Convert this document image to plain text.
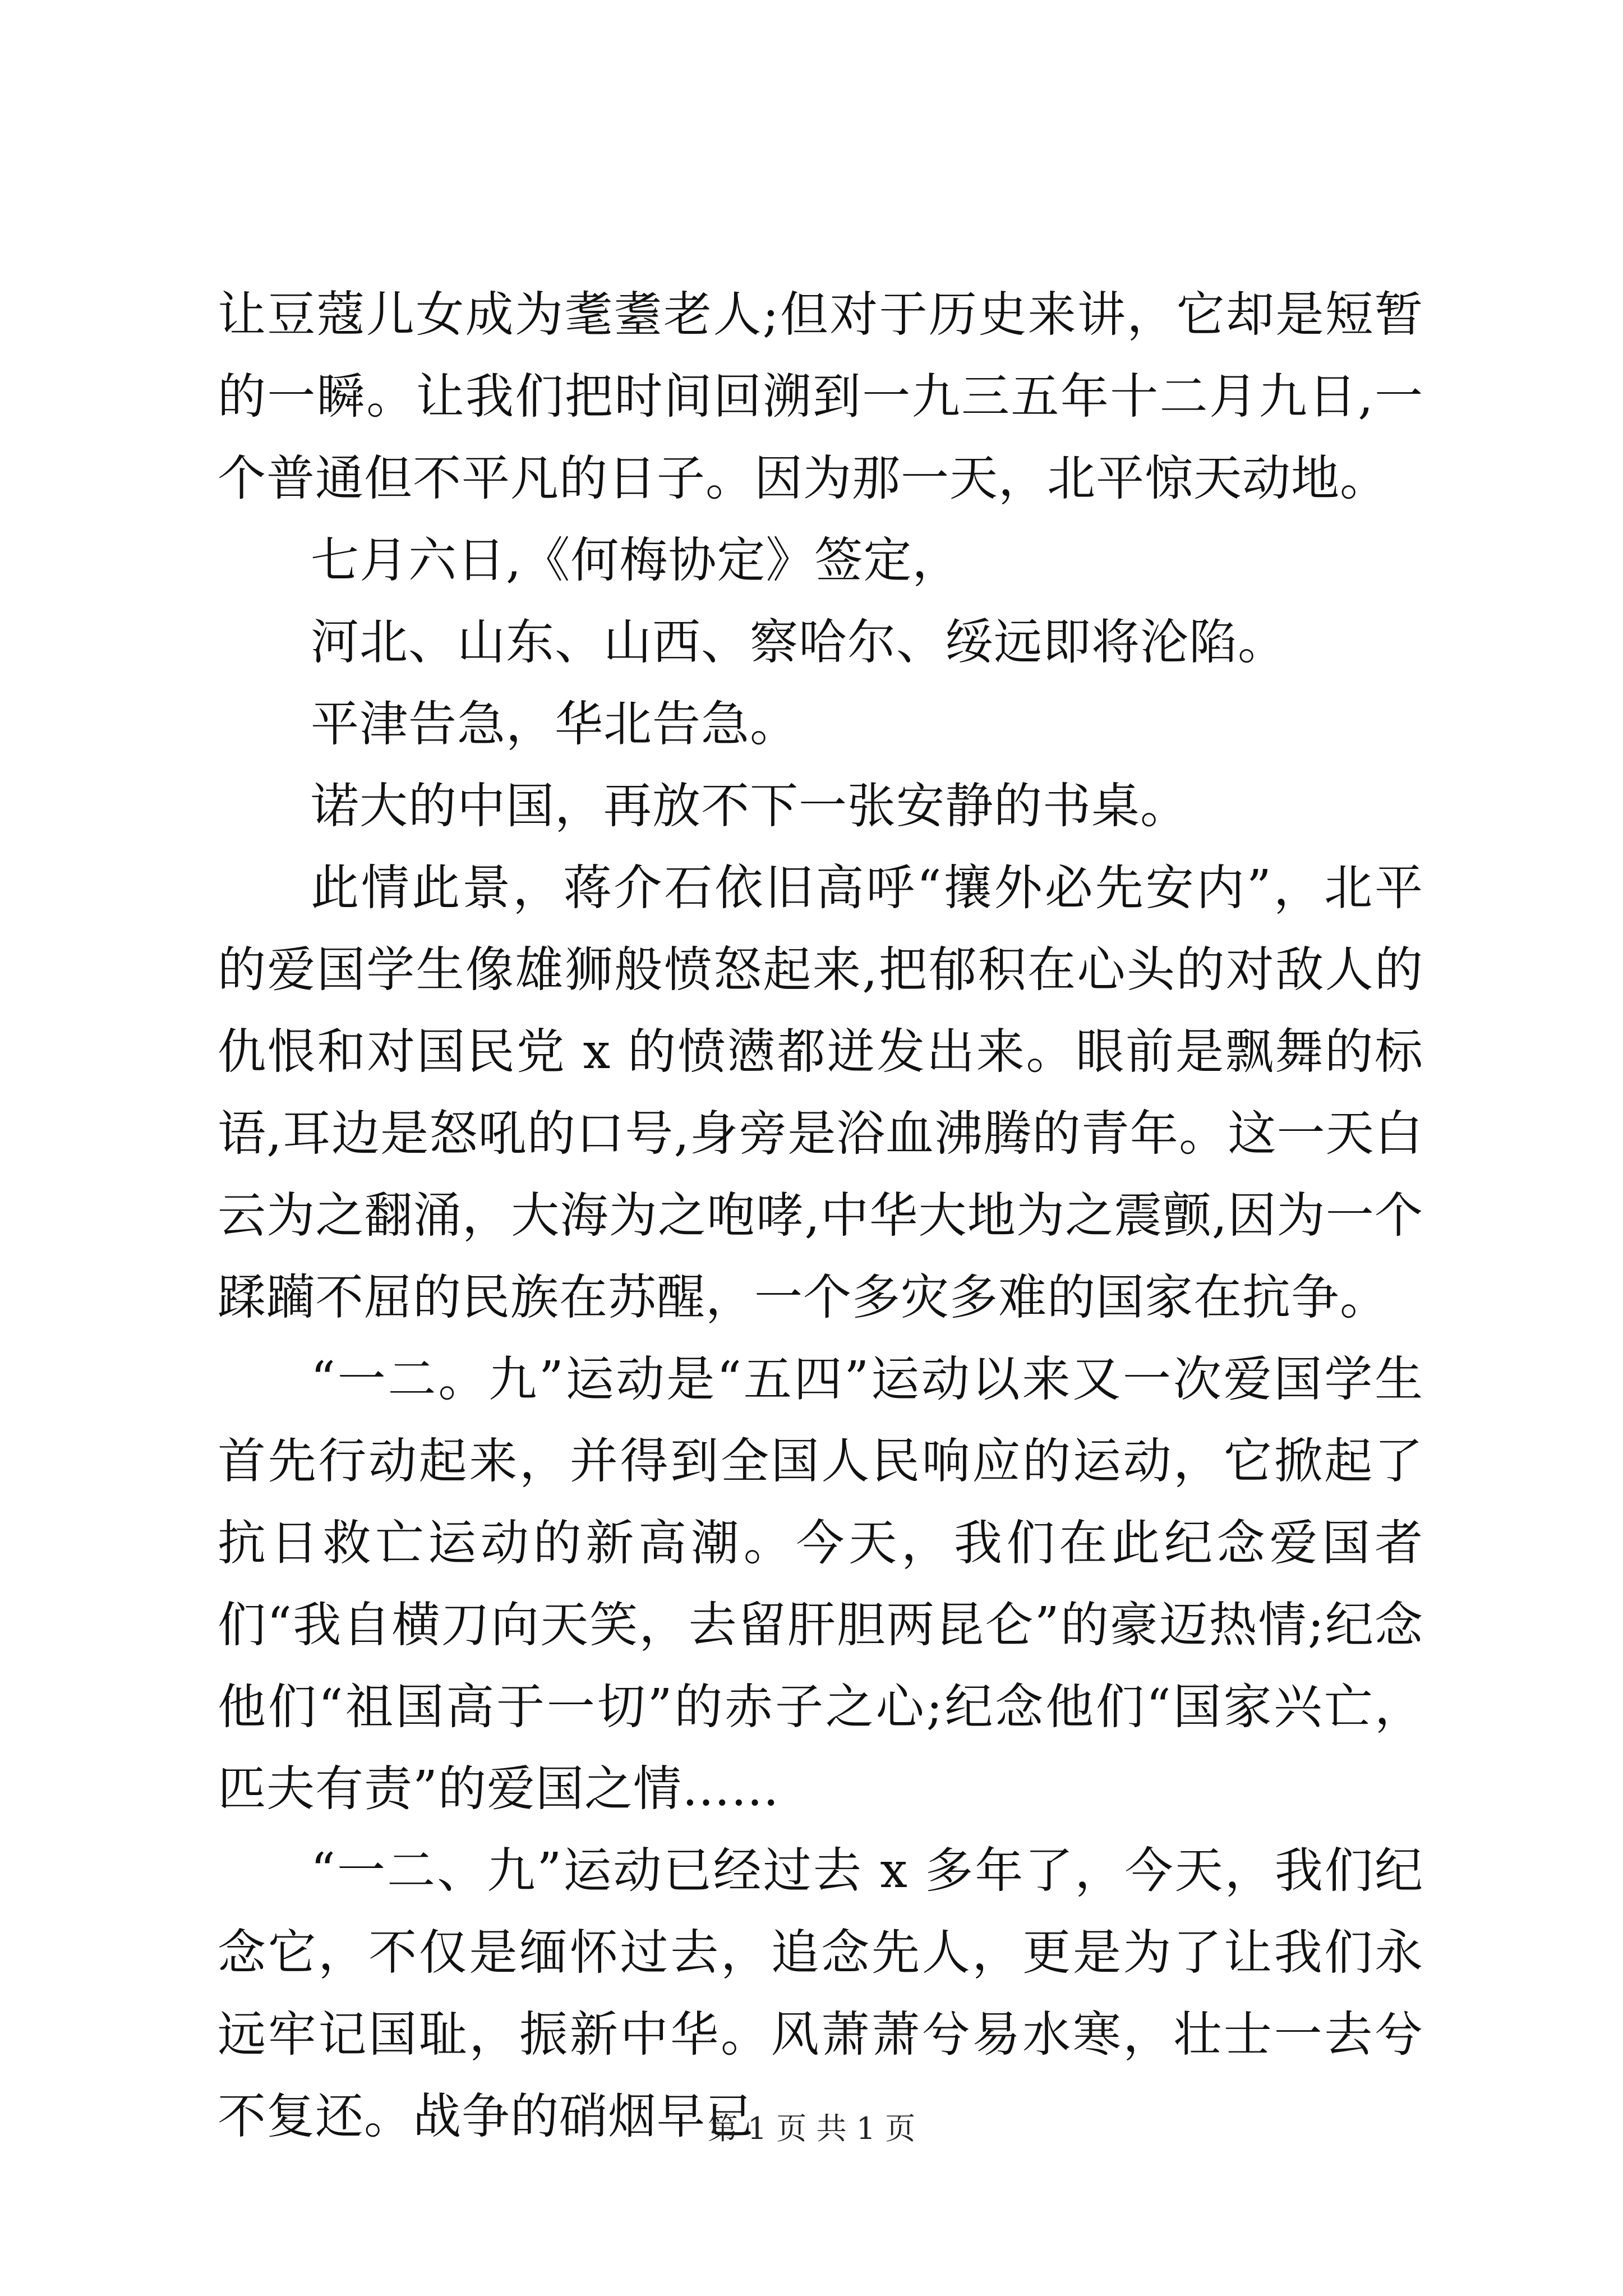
让豆蔻儿女成为耄耋老人;但对于历史来讲，它却是短暂的一瞬。让我们把时间回溯到一九三五年十二月九日,一个普通但不平凡的日子。因为那一天，北平惊天动地。

七月六日,《何梅协定》签定，

河北、山东、山西、察哈尔、绥远即将沦陷。

平津告急，华北告急。

诺大的中国，再放不下一张安静的书桌。

此情此景，蒋介石依旧高呼“攘外必先安内”，北平的爱国学生像雄狮般愤怒起来,把郁积在心头的对敌人的仇恨和对国民党 x 的愤懑都迸发出来。眼前是飘舞的标语,耳边是怒吼的口号,身旁是浴血沸腾的青年。这一天白云为之翻涌，大海为之咆哮,中华大地为之震颤,因为一个蹂躏不屈的民族在苏醒，一个多灾多难的国家在抗争。

“一二。九”运动是“五四”运动以来又一次爱国学生首先行动起来，并得到全国人民响应的运动，它掀起了抗日救亡运动的新高潮。今天，我们在此纪念爱国者们“我自横刀向天笑，去留肝胆两昆仑”的豪迈热情;纪念他们“祖国高于一切”的赤子之心;纪念他们“国家兴亡，匹夫有责”的爱国之情……

“一二、九”运动已经过去 x 多年了，今天，我们纪念它，不仅是缅怀过去，追念先人，更是为了让我们永远牢记国耻，振新中华。风萧萧兮易水寒，壮士一去兮不复还。战争的硝烟早已

第 1 页 共 1 页
